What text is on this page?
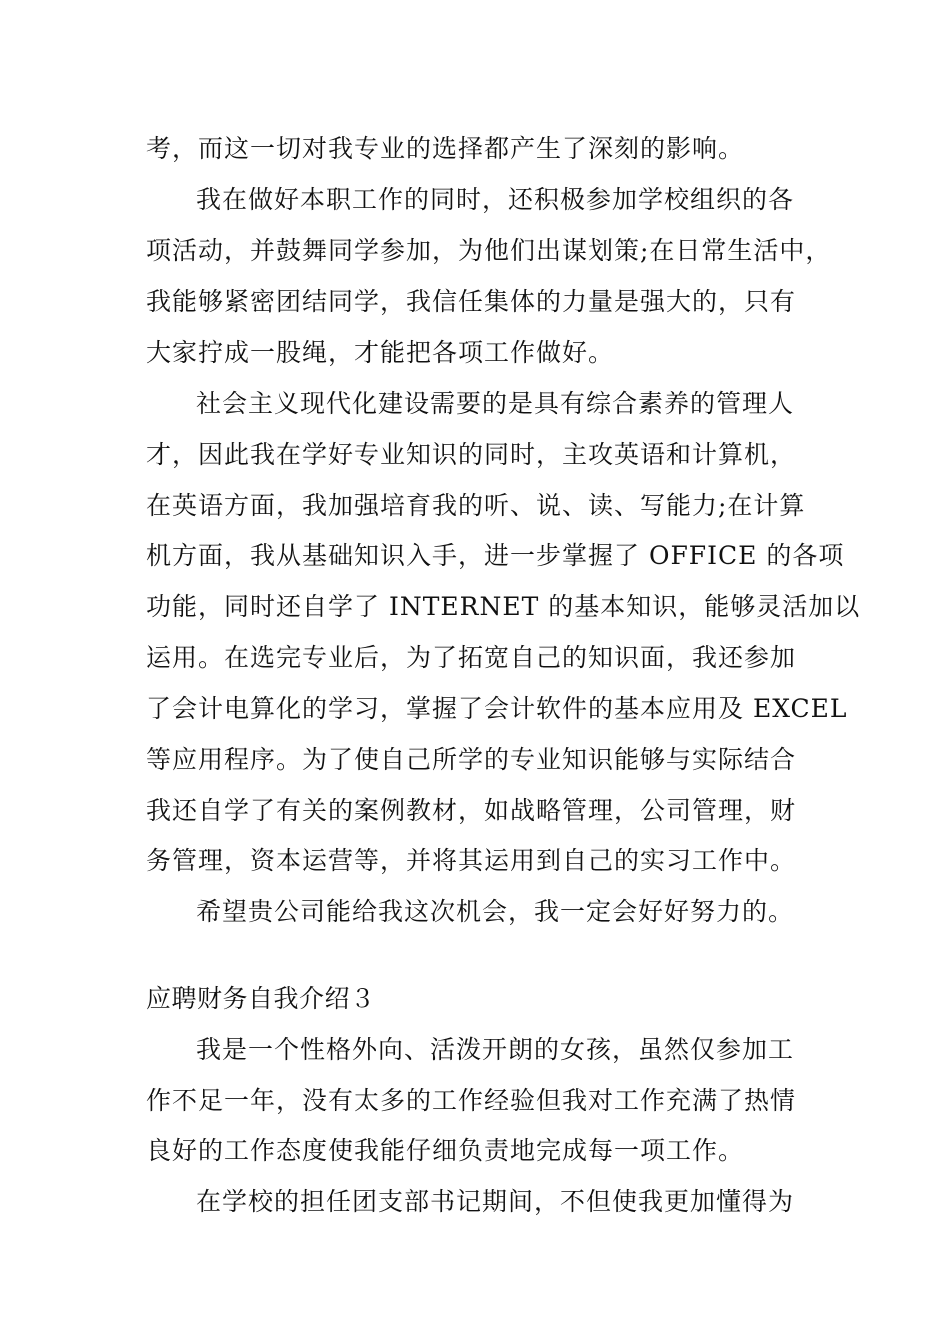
考，而这一切对我专业的选择都产生了深刻的影响。
我在做好本职工作的同时，还积极参加学校组织的各
项活动，并鼓舞同学参加，为他们出谋划策;在日常生活中，
我能够紧密团结同学，我信任集体的力量是强大的，只有
大家拧成一股绳，才能把各项工作做好。
社会主义现代化建设需要的是具有综合素养的管理人
才，因此我在学好专业知识的同时，主攻英语和计算机，
在英语方面，我加强培育我的听、说、读、写能力;在计算
机方面，我从基础知识入手，进一步掌握了 OFFICE 的各项
功能，同时还自学了 INTERNET 的基本知识，能够灵活加以
运用。在选完专业后，为了拓宽自己的知识面，我还参加
了会计电算化的学习，掌握了会计软件的基本应用及 EXCEL
等应用程序。为了使自己所学的专业知识能够与实际结合
我还自学了有关的案例教材，如战略管理，公司管理，财
务管理，资本运营等，并将其运用到自己的实习工作中。
希望贵公司能给我这次机会，我一定会好好努力的。
应聘财务自我介绍３
我是一个性格外向、活泼开朗的女孩，虽然仅参加工
作不足一年，没有太多的工作经验但我对工作充满了热情
良好的工作态度使我能仔细负责地完成每一项工作。
在学校的担任团支部书记期间，不但使我更加懂得为
